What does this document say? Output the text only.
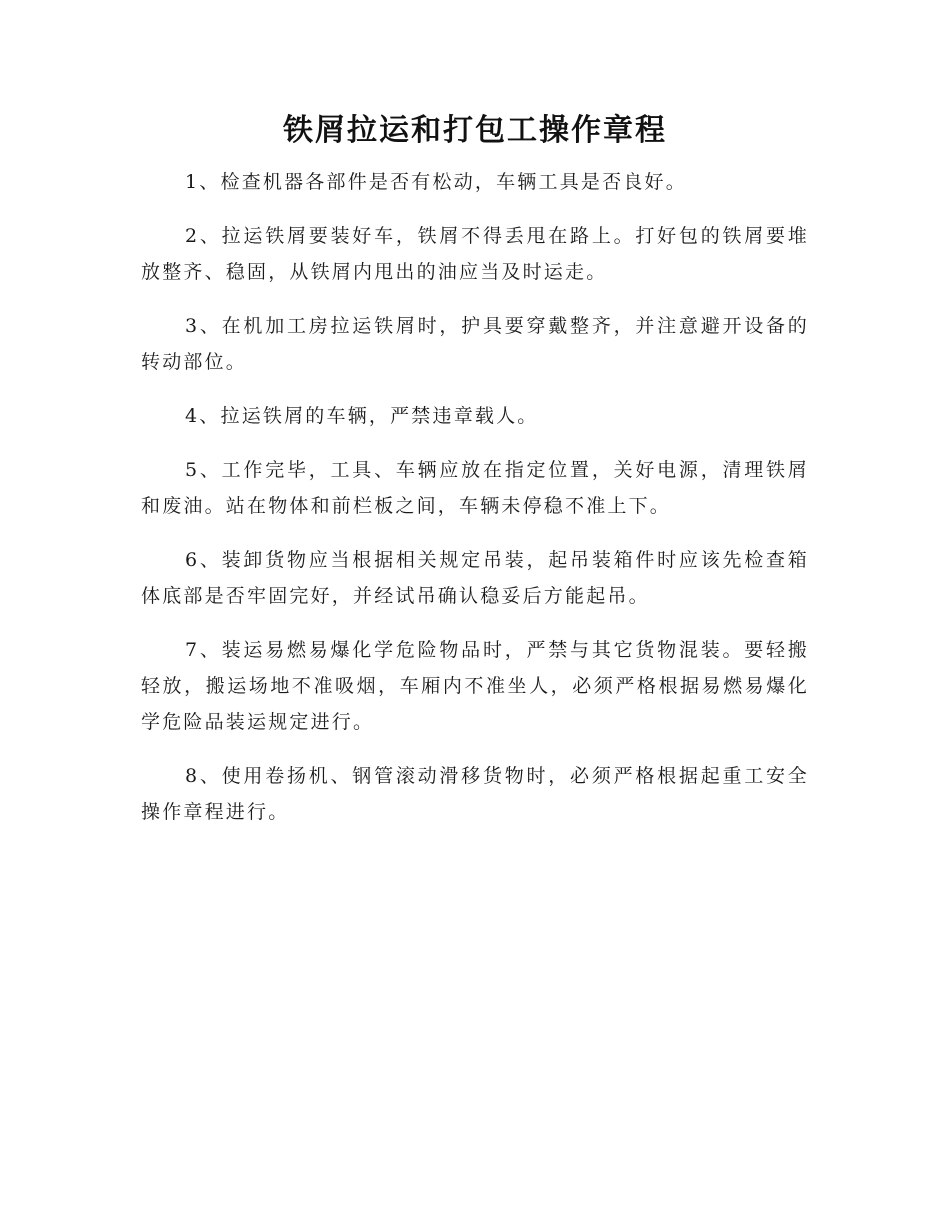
铁屑拉运和打包工操作章程

1、检查机器各部件是否有松动，车辆工具是否良好。

2、拉运铁屑要装好车，铁屑不得丢甩在路上。打好包的铁屑要堆放整齐、稳固，从铁屑内甩出的油应当及时运走。

3、在机加工房拉运铁屑时，护具要穿戴整齐，并注意避开设备的转动部位。

4、拉运铁屑的车辆，严禁违章载人。

5、工作完毕，工具、车辆应放在指定位置，关好电源，清理铁屑和废油。站在物体和前栏板之间，车辆未停稳不准上下。

6、装卸货物应当根据相关规定吊装，起吊装箱件时应该先检查箱体底部是否牢固完好，并经试吊确认稳妥后方能起吊。

7、装运易燃易爆化学危险物品时，严禁与其它货物混装。要轻搬轻放，搬运场地不准吸烟，车厢内不准坐人，必须严格根据易燃易爆化学危险品装运规定进行。

8、使用卷扬机、钢管滚动滑移货物时，必须严格根据起重工安全操作章程进行。
